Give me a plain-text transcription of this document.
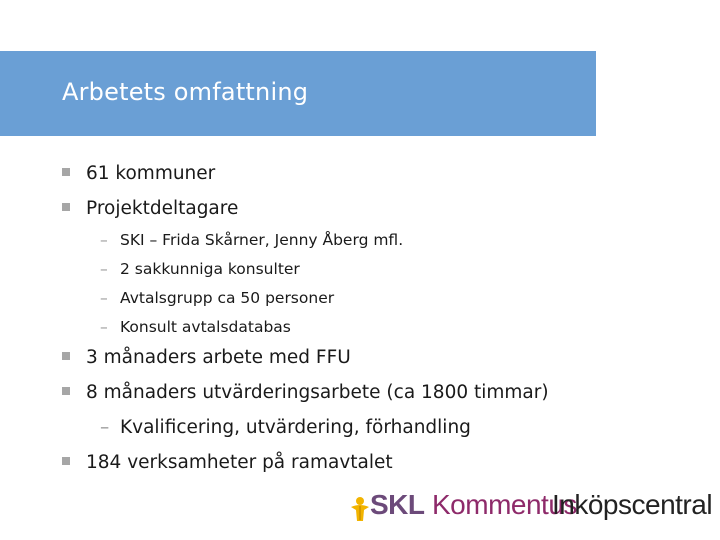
Arbetets omfattning
61 kommuner
Projektdeltagare
– SKI – Frida Skårner, Jenny Åberg mfl.
– 2 sakkunniga konsulter
– Avtalsgrupp ca 50 personer
– Konsult avtalsdatabas
3 månaders arbete med FFU
8 månaders utvärderingsarbete (ca 1800 timmar)
– Kvalificering, utvärdering, förhandling
184 verksamheter på ramavtalet
SKL Kommentus
Inköpscentral
